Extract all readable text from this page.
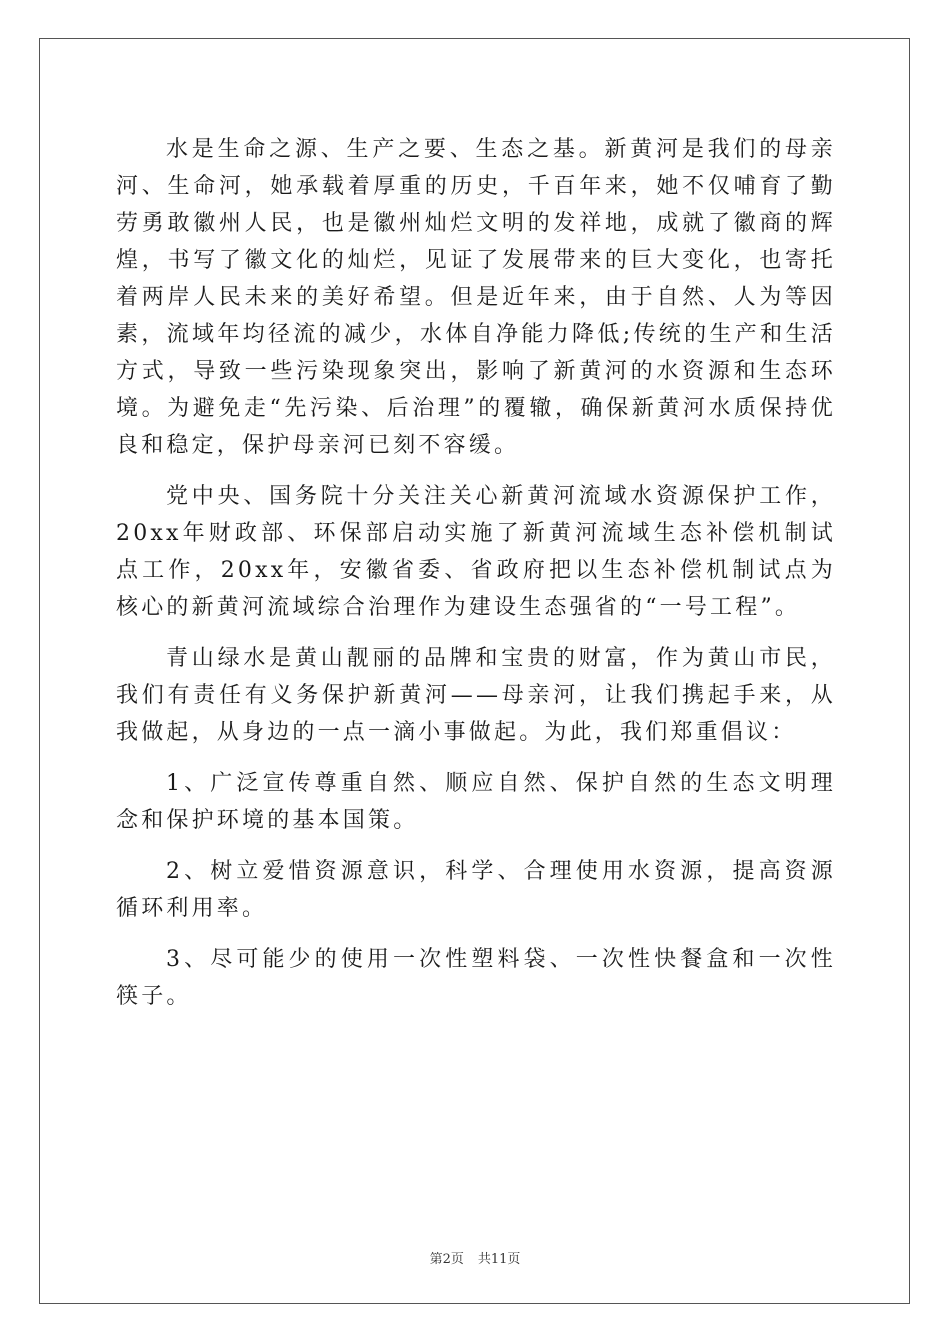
水是生命之源、生产之要、生态之基。新黄河是我们的母亲河、生命河，她承载着厚重的历史，千百年来，她不仅哺育了勤劳勇敢徽州人民，也是徽州灿烂文明的发祥地，成就了徽商的辉煌，书写了徽文化的灿烂，见证了发展带来的巨大变化，也寄托着两岸人民未来的美好希望。但是近年来，由于自然、人为等因素，流域年均径流的减少，水体自净能力降低;传统的生产和生活方式，导致一些污染现象突出，影响了新黄河的水资源和生态环境。为避免走“先污染、后治理”的覆辙，确保新黄河水质保持优良和稳定，保护母亲河已刻不容缓。

党中央、国务院十分关注关心新黄河流域水资源保护工作，20xx年财政部、环保部启动实施了新黄河流域生态补偿机制试点工作，20xx年，安徽省委、省政府把以生态补偿机制试点为核心的新黄河流域综合治理作为建设生态强省的“一号工程”。

青山绿水是黄山靓丽的品牌和宝贵的财富，作为黄山市民，我们有责任有义务保护新黄河——母亲河，让我们携起手来，从我做起，从身边的一点一滴小事做起。为此，我们郑重倡议：

1、广泛宣传尊重自然、顺应自然、保护自然的生态文明理念和保护环境的基本国策。

2、树立爱惜资源意识，科学、合理使用水资源，提高资源循环利用率。

3、尽可能少的使用一次性塑料袋、一次性快餐盒和一次性筷子。

第2页 共11页
